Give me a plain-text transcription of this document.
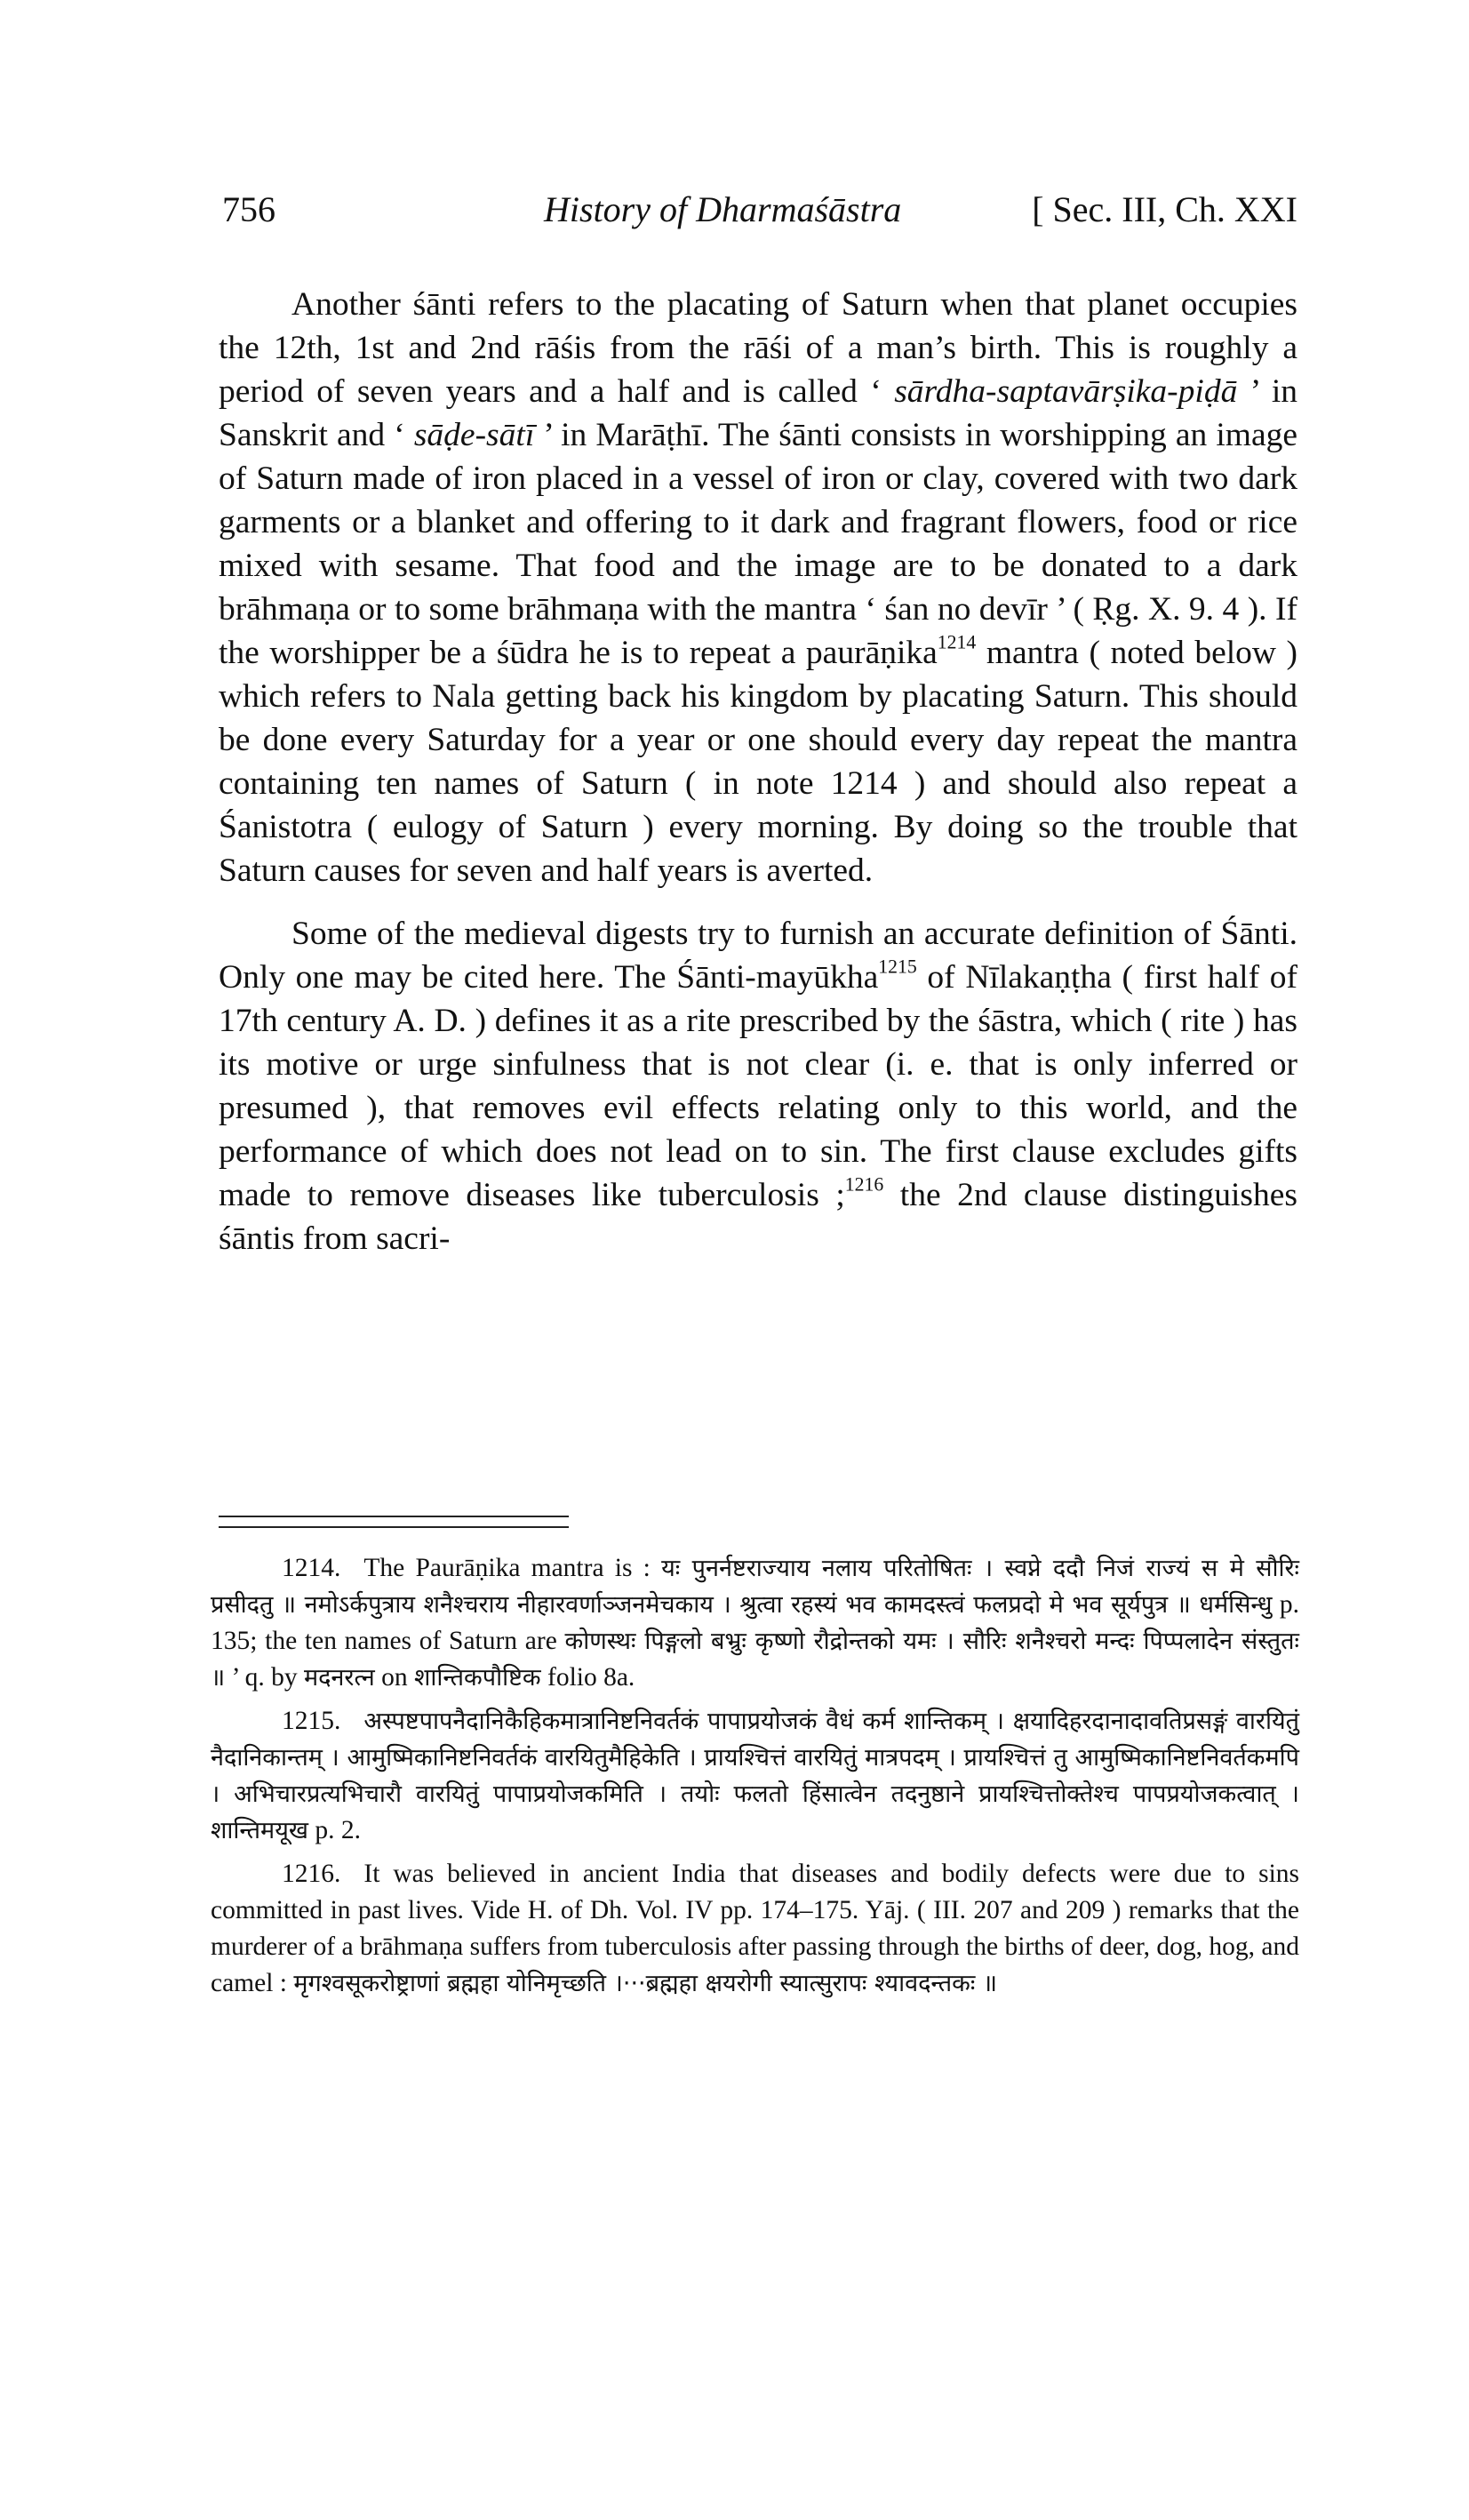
756	History of Dharmaśāstra	[ Sec. III, Ch. XXI

Another śānti refers to the placating of Saturn when that planet occupies the 12th, 1st and 2nd rāśis from the rāśi of a man’s birth. This is roughly a period of seven years and a half and is called ‘ sārdha-saptavārṣika-piḍā ’ in Sanskrit and ‘ sāḍe-sātī ’ in Marāṭhī. The śānti consists in worshipping an image of Saturn made of iron placed in a vessel of iron or clay, covered with two dark garments or a blanket and offering to it dark and fragrant flowers, food or rice mixed with sesame. That food and the image are to be donated to a dark brāhmaṇa or to some brāhmaṇa with the mantra ‘ śan no devīr ’ ( Ṛg. X. 9. 4 ). If the worshipper be a śūdra he is to repeat a paurāṇika$^{1214}$ mantra ( noted below ) which refers to Nala getting back his kingdom by placating Saturn. This should be done every Saturday for a year or one should every day repeat the mantra containing ten names of Saturn ( in note 1214 ) and should also repeat a Śanistotra ( eulogy of Saturn ) every morning. By doing so the trouble that Saturn causes for seven and half years is averted.

Some of the medieval digests try to furnish an accurate definition of Śānti. Only one may be cited here. The Śānti-mayūkha$^{1215}$ of Nīlakaṇṭha ( first half of 17th century A. D. ) defines it as a rite prescribed by the śāstra, which ( rite ) has its motive or urge sinfulness that is not clear (i. e. that is only inferred or presumed ), that removes evil effects relating only to this world, and the performance of which does not lead on to sin. The first clause excludes gifts made to remove diseases like tuberculosis ;$^{1216}$ the 2nd clause distinguishes śāntis from sacri-

1214. The Paurāṇika mantra is : यः पुनर्नष्टराज्याय नलाय परितोषितः । स्वप्ने ददौ निजं राज्यं स मे सौरिः प्रसीदतु ॥ नमोऽर्कपुत्राय शनैश्चराय नीहारवर्णाञ्जनमेचकाय । श्रुत्वा रहस्यं भव कामदस्त्वं फलप्रदो मे भव सूर्यपुत्र ॥ धर्मसिन्धु p. 135; the ten names of Saturn are कोणस्थः पिङ्गलो बभ्रुः कृष्णो रौद्रोन्तको यमः । सौरिः शनैश्चरो मन्दः पिप्पलादेन संस्तुतः ॥ ’ q. by मदनरत्न on शान्तिकपौष्टिक folio 8a.

1215. अस्पष्टपापनैदानिकैहिकमात्रानिष्टनिवर्तकं पापाप्रयोजकं वैधं कर्म शान्तिकम् । क्षयादिहरदानादावतिप्रसङ्गं वारयितुं नैदानिकान्तम् । आमुष्मिकानिष्टनिवर्तकं वारयितुमैहिकेति । प्रायश्चित्तं वारयितुं मात्रपदम् । प्रायश्चित्तं तु आमुष्मिकानिष्टनिवर्तकमपि । अभिचारप्रत्यभिचारौ वारयितुं पापाप्रयोजकमिति । तयोः फलतो हिंसात्वेन तदनुष्ठाने प्रायश्चित्तोक्तेश्च पापप्रयोजकत्वात् । शान्तिमयूख p. 2.

1216. It was believed in ancient India that diseases and bodily defects were due to sins committed in past lives. Vide H. of Dh. Vol. IV pp. 174–175. Yāj. ( III. 207 and 209 ) remarks that the murderer of a brāhmaṇa suffers from tuberculosis after passing through the births of deer, dog, hog, and camel : मृगश्वसूकरोष्ट्राणां ब्रह्महा योनिमृच्छति ।···ब्रह्महा क्षयरोगी स्यात्सुरापः श्यावदन्तकः ॥
